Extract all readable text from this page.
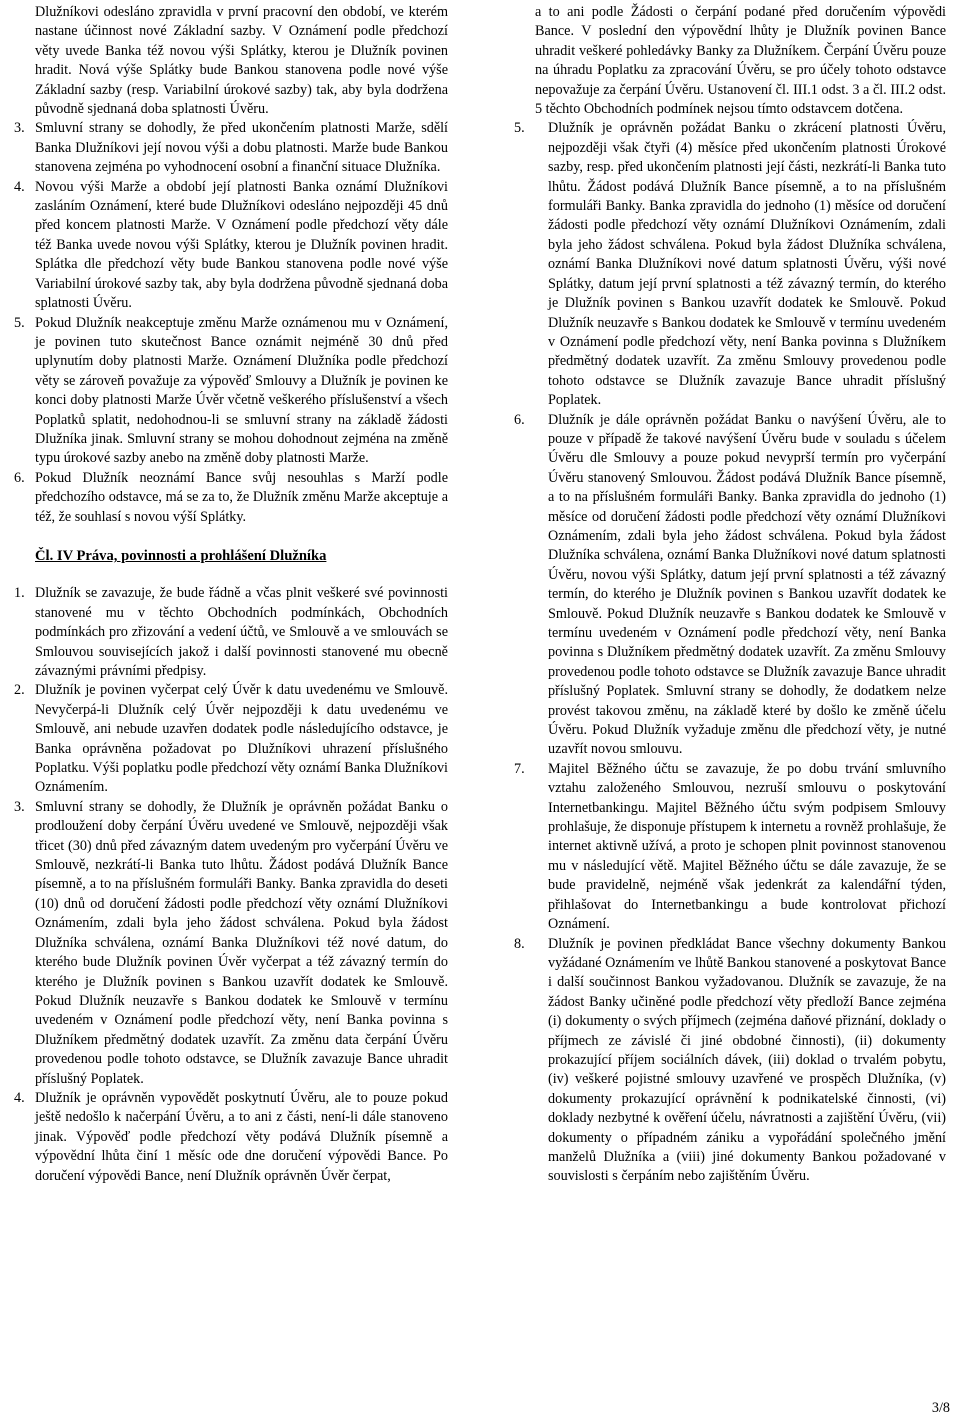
Dlužníkovi odesláno zpravidla v první pracovní den období, ve kterém nastane účinnost nové Základní sazby. V Oznámení podle předchozí věty uvede Banka též novou výši Splátky, kterou je Dlužník povinen hradit. Nová výše Splátky bude Bankou stanovena podle nové výše Základní sazby (resp. Variabilní úrokové sazby) tak, aby byla dodržena původně sjednaná doba splatnosti Úvěru.

3. Smluvní strany se dohodly, že před ukončením platnosti Marže, sdělí Banka Dlužníkovi její novou výši a dobu platnosti. Marže bude Bankou stanovena zejména po vyhodnocení osobní a finanční situace Dlužníka.
4. Novou výši Marže a období její platnosti Banka oznámí Dlužníkovi zasláním Oznámení, které bude Dlužníkovi odesláno nejpozději 45 dnů před koncem platnosti Marže. V Oznámení podle předchozí věty dále též Banka uvede novou výši Splátky, kterou je Dlužník povinen hradit. Splátka dle předchozí věty bude Bankou stanovena podle nové výše Variabilní úrokové sazby tak, aby byla dodržena původně sjednaná doba splatnosti Úvěru.
5. Pokud Dlužník neakceptuje změnu Marže oznámenou mu v Oznámení, je povinen tuto skutečnost Bance oznámit nejméně 30 dnů před uplynutím doby platnosti Marže. Oznámení Dlužníka podle předchozí věty se zároveň považuje za výpověď Smlouvy a Dlužník je povinen ke konci doby platnosti Marže Úvěr včetně veškerého příslušenství a všech Poplatků splatit, nedohodnou-li se smluvní strany na základě žádosti Dlužníka jinak. Smluvní strany se mohou dohodnout zejména na změně typu úrokové sazby anebo na změně doby platnosti Marže.
6. Pokud Dlužník neoznámí Bance svůj nesouhlas s Marží podle předchozího odstavce, má se za to, že Dlužník změnu Marže akceptuje a též, že souhlasí s novou výší Splátky.
Čl. IV Práva, povinnosti a prohlášení Dlužníka
1. Dlužník se zavazuje, že bude řádně a včas plnit veškeré své povinnosti stanovené mu v těchto Obchodních podmínkách, Obchodních podmínkách pro zřizování a vedení účtů, ve Smlouvě a ve smlouvách se Smlouvou souvisejících jakož i další povinnosti stanovené mu obecně závaznými právními předpisy.
2. Dlužník je povinen vyčerpat celý Úvěr k datu uvedenému ve Smlouvě. Nevyčerpá-li Dlužník celý Úvěr nejpozději k datu uvedenému ve Smlouvě, ani nebude uzavřen dodatek podle následujícího odstavce, je Banka oprávněna požadovat po Dlužníkovi uhrazení příslušného Poplatku. Výši poplatku podle předchozí věty oznámí Banka Dlužníkovi Oznámením.
3. Smluvní strany se dohodly, že Dlužník je oprávněn požádat Banku o prodloužení doby čerpání Úvěru uvedené ve Smlouvě, nejpozději však třicet (30) dnů před závazným datem uvedeným pro vyčerpání Úvěru ve Smlouvě, nezkrátí-li Banka tuto lhůtu. Žádost podává Dlužník Bance písemně, a to na příslušném formuláři Banky. Banka zpravidla do deseti (10) dnů od doručení žádosti podle předchozí věty oznámí Dlužníkovi Oznámením, zdali byla jeho žádost schválena. Pokud byla žádost Dlužníka schválena, oznámí Banka Dlužníkovi též nové datum, do kterého bude Dlužník povinen Úvěr vyčerpat a též závazný termín do kterého je Dlužník povinen s Bankou uzavřít dodatek ke Smlouvě. Pokud Dlužník neuzavře s Bankou dodatek ke Smlouvě v termínu uvedeném v Oznámení podle předchozí věty, není Banka povinna s Dlužníkem předmětný dodatek uzavřít. Za změnu data čerpání Úvěru provedenou podle tohoto odstavce, se Dlužník zavazuje Bance uhradit příslušný Poplatek.
4. Dlužník je oprávněn vypovědět poskytnutí Úvěru, ale to pouze pokud ještě nedošlo k načerpání Úvěru, a to ani z části, není-li dále stanoveno jinak. Výpověď podle předchozí věty podává Dlužník písemně a výpovědní lhůta činí 1 měsíc ode dne doručení výpovědi Bance. Po doručení výpovědi Bance, není Dlužník oprávněn Úvěr čerpat,

a to ani podle Žádosti o čerpání podané před doručením výpovědi Bance. V poslední den výpovědní lhůty je Dlužník povinen Bance uhradit veškeré pohledávky Banky za Dlužníkem. Čerpání Úvěru pouze na úhradu Poplatku za zpracování Úvěru, se pro účely tohoto odstavce nepovažuje za čerpání Úvěru. Ustanovení čl. III.1 odst. 3 a čl. III.2 odst. 5 těchto Obchodních podmínek nejsou tímto odstavcem dotčena.

5. Dlužník je oprávněn požádat Banku o zkrácení platnosti Úvěru, nejpozději však čtyři (4) měsíce před ukončením platnosti Úrokové sazby, resp. před ukončením platnosti její části, nezkrátí-li Banka tuto lhůtu. Žádost podává Dlužník Bance písemně, a to na příslušném formuláři Banky. Banka zpravidla do jednoho (1) měsíce od doručení žádosti podle předchozí věty oznámí Dlužníkovi Oznámením, zdali byla jeho žádost schválena. Pokud byla žádost Dlužníka schválena, oznámí Banka Dlužníkovi nové datum splatnosti Úvěru, výši nové Splátky, datum její první splatnosti a též závazný termín, do kterého je Dlužník povinen s Bankou uzavřít dodatek ke Smlouvě. Pokud Dlužník neuzavře s Bankou dodatek ke Smlouvě v termínu uvedeném v Oznámení podle předchozí věty, není Banka povinna s Dlužníkem předmětný dodatek uzavřít. Za změnu Smlouvy provedenou podle tohoto odstavce se Dlužník zavazuje Bance uhradit příslušný Poplatek.
6. Dlužník je dále oprávněn požádat Banku o navýšení Úvěru, ale to pouze v případě že takové navýšení Úvěru bude v souladu s účelem Úvěru dle Smlouvy a pouze pokud nevyprší termín pro vyčerpání Úvěru stanovený Smlouvou. Žádost podává Dlužník Bance písemně, a to na příslušném formuláři Banky. Banka zpravidla do jednoho (1) měsíce od doručení žádosti podle předchozí věty oznámí Dlužníkovi Oznámením, zdali byla jeho žádost schválena. Pokud byla žádost Dlužníka schválena, oznámí Banka Dlužníkovi nové datum splatnosti Úvěru, novou výši Splátky, datum její první splatnosti a též závazný termín, do kterého je Dlužník povinen s Bankou uzavřít dodatek ke Smlouvě. Pokud Dlužník neuzavře s Bankou dodatek ke Smlouvě v termínu uvedeném v Oznámení podle předchozí věty, není Banka povinna s Dlužníkem předmětný dodatek uzavřít. Za změnu Smlouvy provedenou podle tohoto odstavce se Dlužník zavazuje Bance uhradit příslušný Poplatek. Smluvní strany se dohodly, že dodatkem nelze provést takovou změnu, na základě které by došlo ke změně účelu Úvěru. Pokud Dlužník vyžaduje změnu dle předchozí věty, je nutné uzavřít novou smlouvu.
7. Majitel Běžného účtu se zavazuje, že po dobu trvání smluvního vztahu založeného Smlouvou, nezruší smlouvu o poskytování Internetbankingu. Majitel Běžného účtu svým podpisem Smlouvy prohlašuje, že disponuje přístupem k internetu a rovněž prohlašuje, že internet aktivně užívá, a proto je schopen plnit povinnost stanovenou mu v následující větě. Majitel Běžného účtu se dále zavazuje, že se bude pravidelně, nejméně však jedenkrát za kalendářní týden, přihlašovat do Internetbankingu a bude kontrolovat přichozí Oznámení.
8. Dlužník je povinen předkládat Bance všechny dokumenty Bankou vyžádané Oznámením ve lhůtě Bankou stanovené a poskytovat Bance i další součinnost Bankou vyžadovanou. Dlužník se zavazuje, že na žádost Banky učiněné podle předchozí věty předloží Bance zejména (i) dokumenty o svých příjmech (zejména daňové přiznání, doklady o příjmech ze závislé či jiné obdobné činnosti), (ii) dokumenty prokazující příjem sociálních dávek, (iii) doklad o trvalém pobytu, (iv) veškeré pojistné smlouvy uzavřené ve prospěch Dlužníka, (v) dokumenty prokazující oprávnění k podnikatelské činnosti, (vi) doklady nezbytné k ověření účelu, návratnosti a zajištění Úvěru, (vii) dokumenty o případném zániku a vypořádání společného jmění manželů Dlužníka a (viii) jiné dokumenty Bankou požadované v souvislosti s čerpáním nebo zajištěním Úvěru.
3/8
